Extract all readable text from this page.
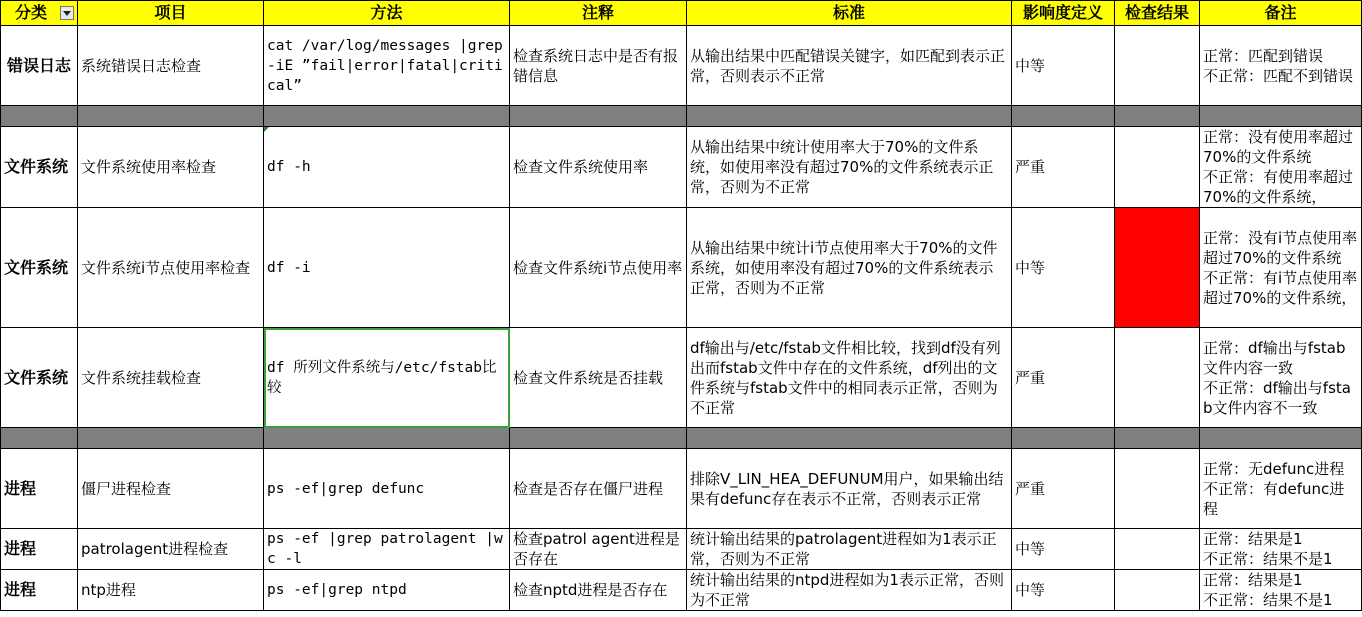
分类	项目	方法	注释	标准	影响度定义	检查结果	备注
错误日志	系统错误日志检查	cat /var/log/messages |grep -iE ”fail|error|fatal|critical”	检查系统日志中是否有报错信息	从输出结果中匹配错误关键字，如匹配到表示正常，否则表示不正常	中等		正常：匹配到错误
不正常：匹配不到错误

文件系统	文件系统使用率检查	df -h	检查文件系统使用率	从输出结果中统计使用率大于70%的文件系统，如使用率没有超过70%的文件系统表示正常，否则为不正常	严重		正常：没有使用率超过70%的文件系统
不正常：有使用率超过70%的文件系统，
文件系统	文件系统i节点使用率检查	df -i	检查文件系统i节点使用率	从输出结果中统计i节点使用率大于70%的文件系统，如使用率没有超过70%的文件系统表示正常，否则为不正常	中等		正常：没有i节点使用率超过70%的文件系统
不正常：有i节点使用率超过70%的文件系统，
文件系统	文件系统挂载检查	df 所列文件系统与/etc/fstab比较	检查文件系统是否挂载	df输出与/etc/fstab文件相比较，找到df没有列出而fstab文件中存在的文件系统，df列出的文件系统与fstab文件中的相同表示正常，否则为不正常	严重		正常：df输出与fstab文件内容一致
不正常：df输出与fstab文件内容不一致

进程	僵尸进程检查	ps -ef|grep defunc	检查是否存在僵尸进程	排除V_LIN_HEA_DEFUNUM用户，如果输出结果有defunc存在表示不正常，否则表示正常	严重		正常：无defunc进程
不正常：有defunc进程
进程	patrolagent进程检查	ps -ef |grep patrolagent |wc -l	检查patrol agent进程是否存在	统计输出结果的patrolagent进程如为1表示正常，否则为不正常	中等		正常：结果是1
不正常：结果不是1
进程	ntp进程	ps -ef|grep ntpd	检查nptd进程是否存在	统计输出结果的ntpd进程如为1表示正常，否则为不正常	中等		正常：结果是1
不正常：结果不是1
